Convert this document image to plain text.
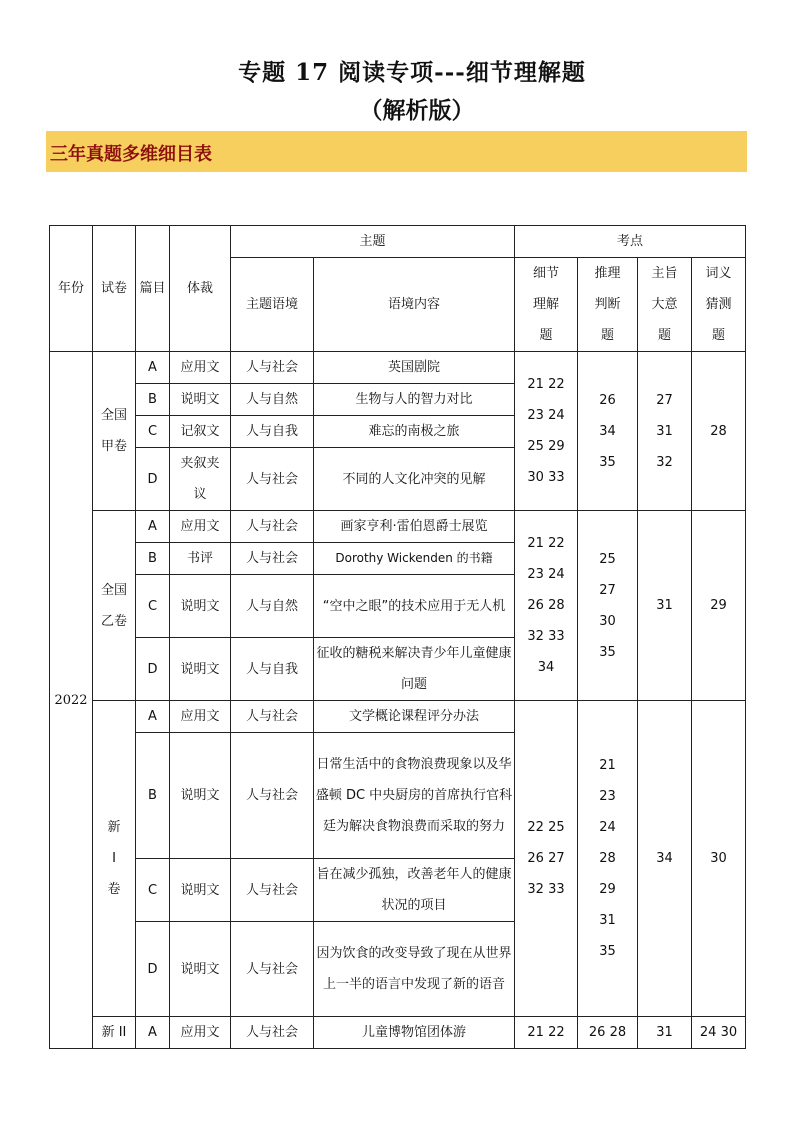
专题 17 阅读专项---细节理解题
（解析版）
三年真题多维细目表
年份	试卷	篇目	体裁	主题		考点			
				主题语境	语境内容	细节理解题	推理判断题	主旨大意题	词义猜测题
2022	全国甲卷	A	应用文	人与社会	英国剧院	21 22 23 24 25 29 30 33	26 34 35	27 31 32	28
		B	说明文	人与自然	生物与人的智力对比				
		C	记叙文	人与自我	难忘的南极之旅				
		D	夹叙夹议	人与社会	不同的人文化冲突的见解				
	全国乙卷	A	应用文	人与社会	画家亨利·雷伯恩爵士展览	21 22 23 24 26 28 32 33 34	25 27 30 35	31	29
		B	书评	人与社会	Dorothy Wickenden 的书籍				
		C	说明文	人与自然	“空中之眼”的技术应用于无人机				
		D	说明文	人与自我	征收的糖税来解决青少年儿童健康问题				
	新 I 卷	A	应用文	人与社会	文学概论课程评分办法	22 25 26 27 32 33	21 23 24 28 29 31 35	34	30
		B	说明文	人与社会	日常生活中的食物浪费现象以及华盛顿 DC 中央厨房的首席执行官科廷为解决食物浪费而采取的努力				
		C	说明文	人与社会	旨在减少孤独，改善老年人的健康状况的项目				
		D	说明文	人与社会	因为饮食的改变导致了现在从世界上一半的语言中发现了新的语音				
	新 II	A	应用文	人与社会	儿童博物馆团体游	21 22	26 28	31	24 30
